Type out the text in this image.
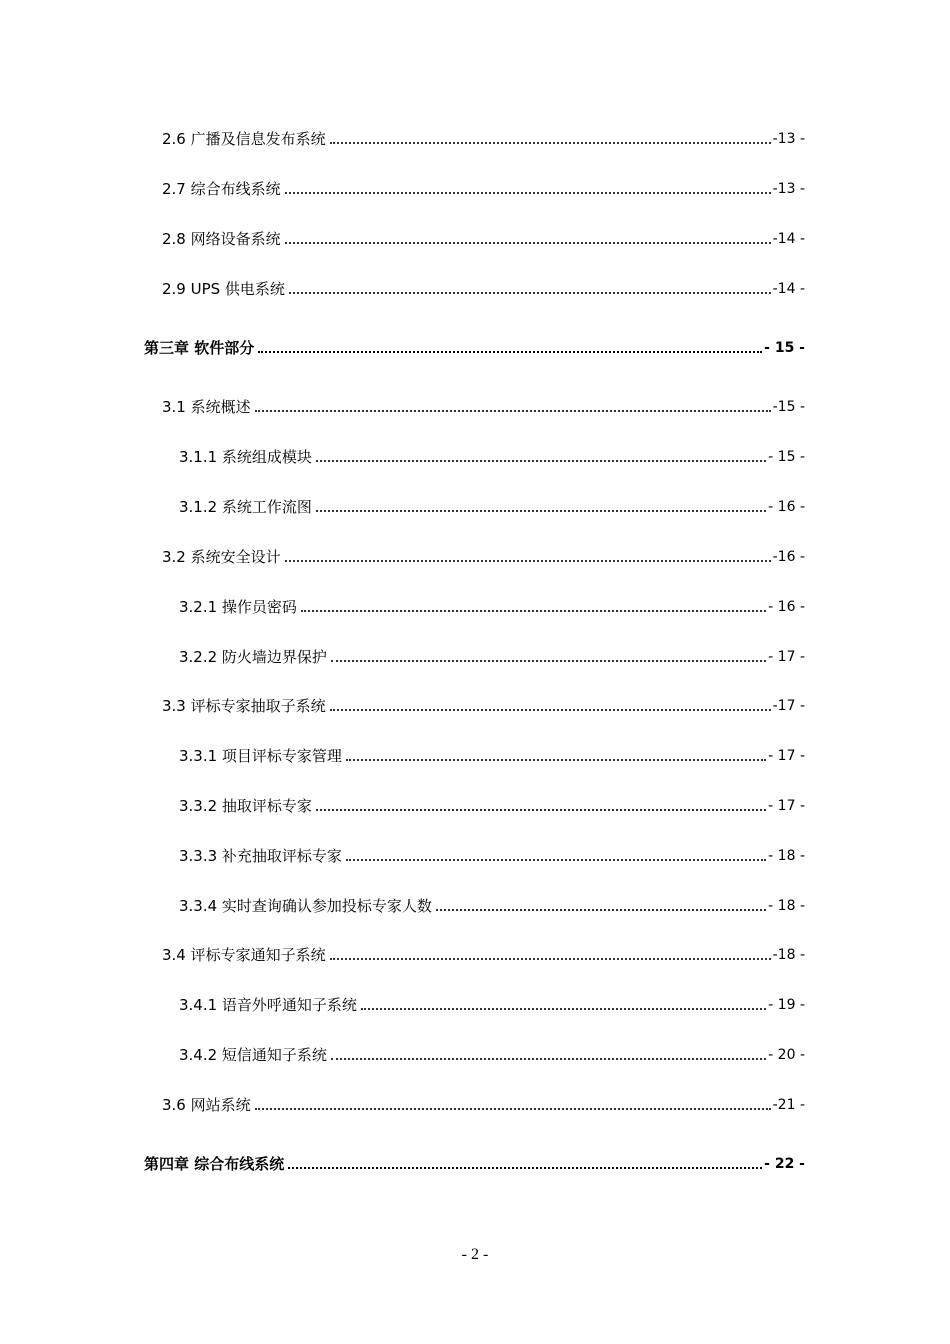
2.6 广播及信息发布系统	-13 -
2.7 综合布线系统	-13 -
2.8 网络设备系统	-14 -
2.9 UPS 供电系统	-14 -
第三章 软件部分	- 15 -
3.1 系统概述	-15 -
3.1.1 系统组成模块	- 15 -
3.1.2 系统工作流图	- 16 -
3.2 系统安全设计	-16 -
3.2.1 操作员密码	- 16 -
3.2.2 防火墙边界保护	- 17 -
3.3 评标专家抽取子系统	-17 -
3.3.1 项目评标专家管理	- 17 -
3.3.2 抽取评标专家	- 17 -
3.3.3 补充抽取评标专家	- 18 -
3.3.4 实时查询确认参加投标专家人数	- 18 -
3.4 评标专家通知子系统	-18 -
3.4.1 语音外呼通知子系统	- 19 -
3.4.2 短信通知子系统	- 20 -
3.6 网站系统	-21 -
第四章 综合布线系统	- 22 -
- 2 -
